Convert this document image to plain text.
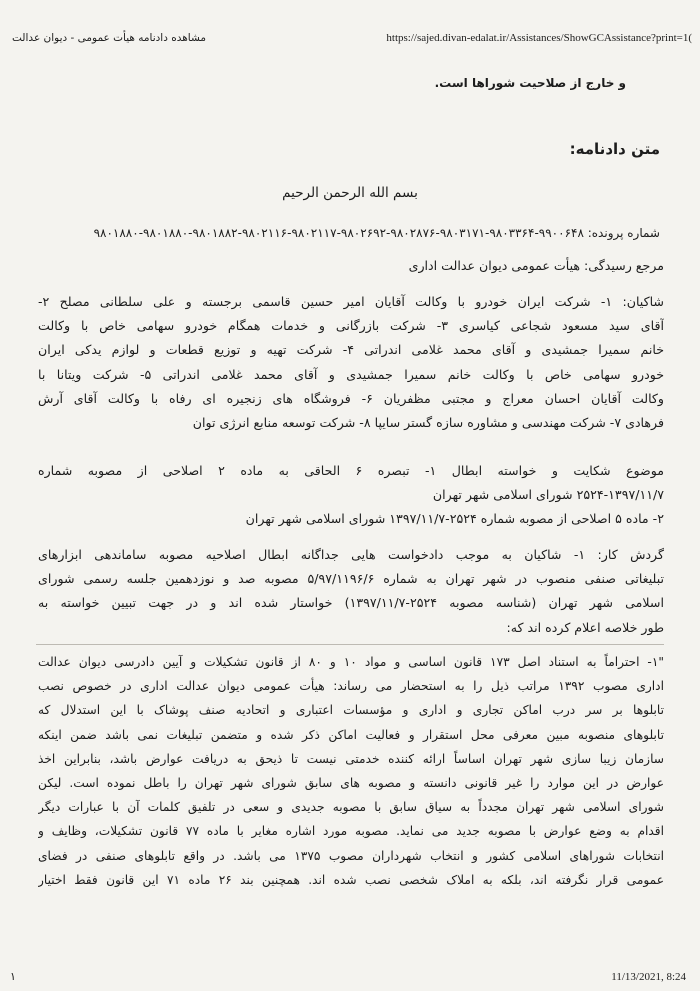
مشاهده دادنامه هیأت عمومی - دیوان عدالت	https://sajed.divan-edalat.ir/Assistances/ShowGCAssistance?print=1(
و خارج از صلاحیت شوراها است.
متن دادنامه:
بسم الله الرحمن الرحیم
شماره پرونده: ۹۹۰۰۶۴۸-۹۸۰۳۳۶۴-۹۸۰۳۱۷۱-۹۸۰۲۸۷۶-۹۸۰۲۶۹۲-۹۸۰۲۱۱۷-۹۸۰۲۱۱۶-۹۸۰۱۸۸۲-۹۸۰۱۸۸۰-۹۸۰۱۸۸۰
مرجع رسیدگی: هیأت عمومی دیوان عدالت اداری
شاکیان: ۱- شرکت ایران خودرو با وکالت آقایان امیر حسین قاسمی برجسته و علی سلطانی مصلح ۲-
آقای سید مسعود شجاعی کیاسری ۳- شرکت بازرگانی و خدمات همگام خودرو سهامی خاص با وکالت
خانم سمیرا جمشیدی و آقای محمد غلامی اندراتی ۴- شرکت تهیه و توزیع قطعات و لوازم یدکی ایران
خودرو سهامی خاص با وکالت خانم سمیرا جمشیدی و آقای محمد غلامی اندراتی ۵- شرکت ویتانا با
وکالت آقایان احسان معراج و مجتبی مظفریان ۶- فروشگاه های زنجیره ای رفاه با وکالت آقای آرش
فرهادی ۷- شرکت مهندسی و مشاوره سازه گستر سایپا ۸- شرکت توسعه منابع انرژی توان
موضوع شکایت و خواسته ابطال ۱- تبصره ۶ الحاقی به ماده ۲ اصلاحی از مصوبه شماره
۲۵۲۴-۱۳۹۷/۱۱/۷ شورای اسلامی شهر تهران
۲- ماده ۵ اصلاحی از مصوبه شماره ۲۵۲۴-۱۳۹۷/۱۱/۷ شورای اسلامی شهر تهران
گردش کار: ۱- شاکیان به موجب دادخواست هایی جداگانه ابطال اصلاحیه مصوبه ساماندهی ابزارهای
تبلیغاتی صنفی منصوب در شهر تهران به شماره ۵/۹۷/۱۱۹۶/۶ مصوبه صد و نوزدهمین جلسه رسمی شورای
اسلامی شهر تهران (شناسه مصوبه ۲۵۲۴-۱۳۹۷/۱۱/۷) خواستار شده اند و در جهت تبیین خواسته به
طور خلاصه اعلام کرده اند که:
"۱- احتراماً به استناد اصل ۱۷۳ قانون اساسی و مواد ۱۰ و ۸۰ از قانون تشکیلات و آیین دادرسی دیوان عدالت
اداری مصوب ۱۳۹۲ مراتب ذیل را به استحضار می رساند: هیأت عمومی دیوان عدالت اداری در خصوص نصب
تابلوها بر سر درب اماکن تجاری و اداری و مؤسسات اعتباری و اتحادیه صنف پوشاک با این استدلال که
تابلوهای منصوبه مبین معرفی محل استقرار و فعالیت اماکن ذکر شده و متضمن تبلیغات نمی باشد ضمن اینکه
سازمان زیبا سازی شهر تهران اساساً ارائه کننده خدمتی نیست تا ذیحق به دریافت عوارض باشد، بنابراین اخذ
عوارض در این موارد را غیر قانونی دانسته و مصوبه های سابق شورای شهر تهران را باطل نموده است. لیکن
شورای اسلامی شهر تهران مجدداً به سیاق سابق با مصوبه جدیدی و سعی در تلفیق کلمات آن با عبارات دیگر
اقدام به وضع عوارض با مصوبه جدید می نماید. مصوبه مورد اشاره مغایر با ماده ۷۷ قانون تشکیلات، وظایف و
انتخابات شوراهای اسلامی کشور و انتخاب شهرداران مصوب ۱۳۷۵ می باشد. در واقع تابلوهای صنفی در فضای
عمومی قرار نگرفته اند، بلکه به املاک شخصی نصب شده اند. همچنین بند ۲۶ ماده ۷۱ این قانون فقط اختیار
۱	11/13/2021, 8:24
